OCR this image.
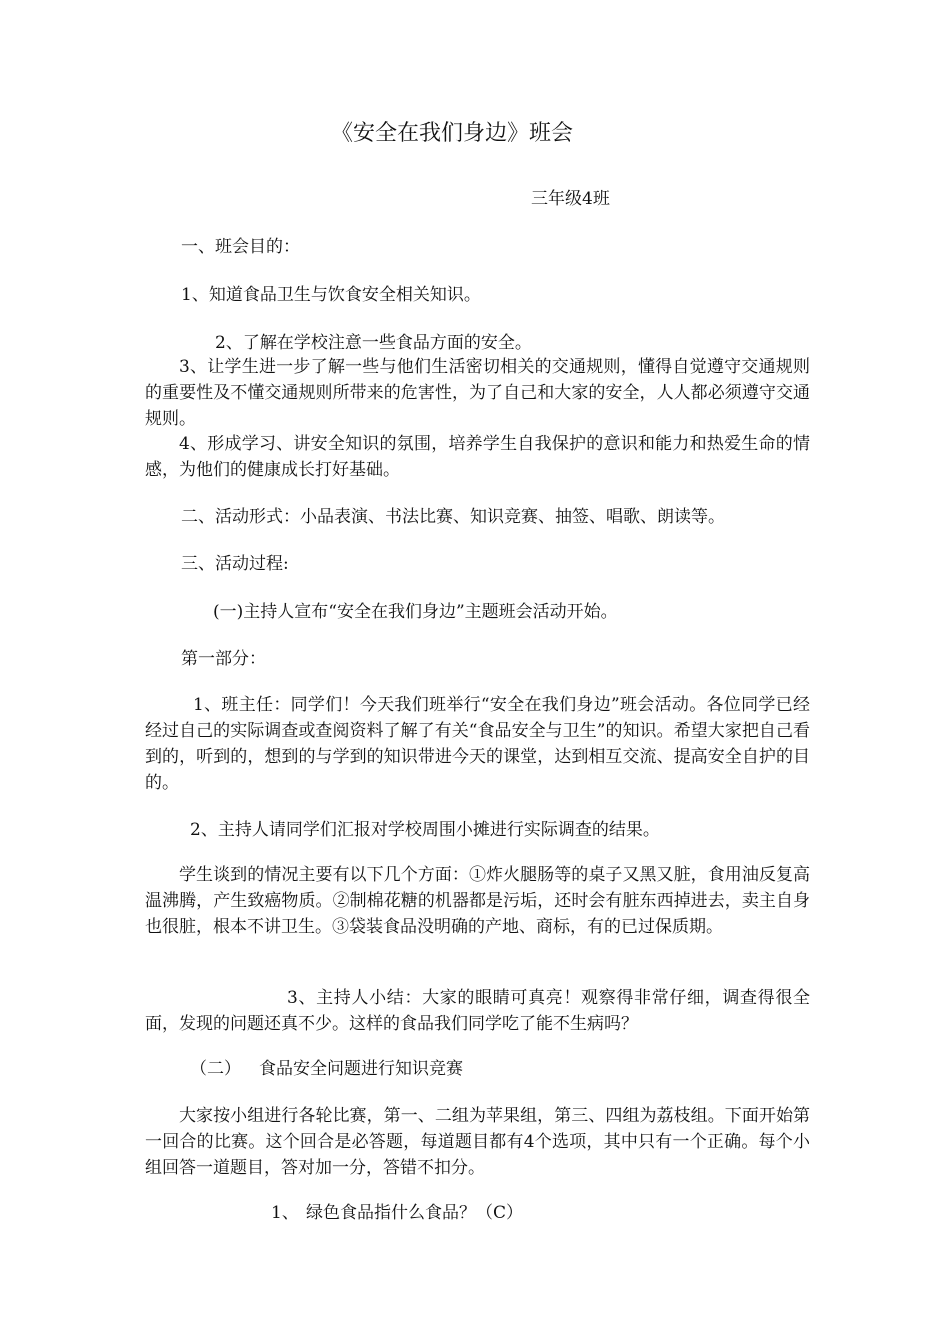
《安全在我们身边》班会
三年级4班
一、班会目的：
1、知道食品卫生与饮食安全相关知识。
2、了解在学校注意一些食品方面的安全。

3、让学生进一步了解一些与他们生活密切相关的交通规则，懂得自觉遵守交通规则的重要性及不懂交通规则所带来的危害性，为了自己和大家的安全，人人都必须遵守交通规则。

4、形成学习、讲安全知识的氛围，培养学生自我保护的意识和能力和热爱生命的情感，为他们的健康成长打好基础。

二、活动形式：小品表演、书法比赛、知识竞赛、抽签、唱歌、朗读等。
三、活动过程:
(一)主持人宣布“安全在我们身边”主题班会活动开始。
第一部分：

1、班主任：同学们！今天我们班举行“安全在我们身边”班会活动。各位同学已经经过自己的实际调查或查阅资料了解了有关“食品安全与卫生”的知识。希望大家把自己看到的，听到的，想到的与学到的知识带进今天的课堂，达到相互交流、提高安全自护的目的。

2、主持人请同学们汇报对学校周围小摊进行实际调查的结果。

学生谈到的情况主要有以下几个方面：①炸火腿肠等的桌子又黑又脏，食用油反复高温沸腾，产生致癌物质。②制棉花糖的机器都是污垢，还时会有脏东西掉进去，卖主自身也很脏，根本不讲卫生。③袋装食品没明确的产地、商标，有的已过保质期。

3、主持人小结：大家的眼睛可真亮！观察得非常仔细，调查得很全面，发现的问题还真不少。这样的食品我们同学吃了能不生病吗？

（二） 食品安全问题进行知识竞赛

大家按小组进行各轮比赛，第一、二组为苹果组，第三、四组为荔枝组。下面开始第一回合的比赛。这个回合是必答题，每道题目都有4个选项，其中只有一个正确。每个小组回答一道题目，答对加一分，答错不扣分。

1、 绿色食品指什么食品？（C）
